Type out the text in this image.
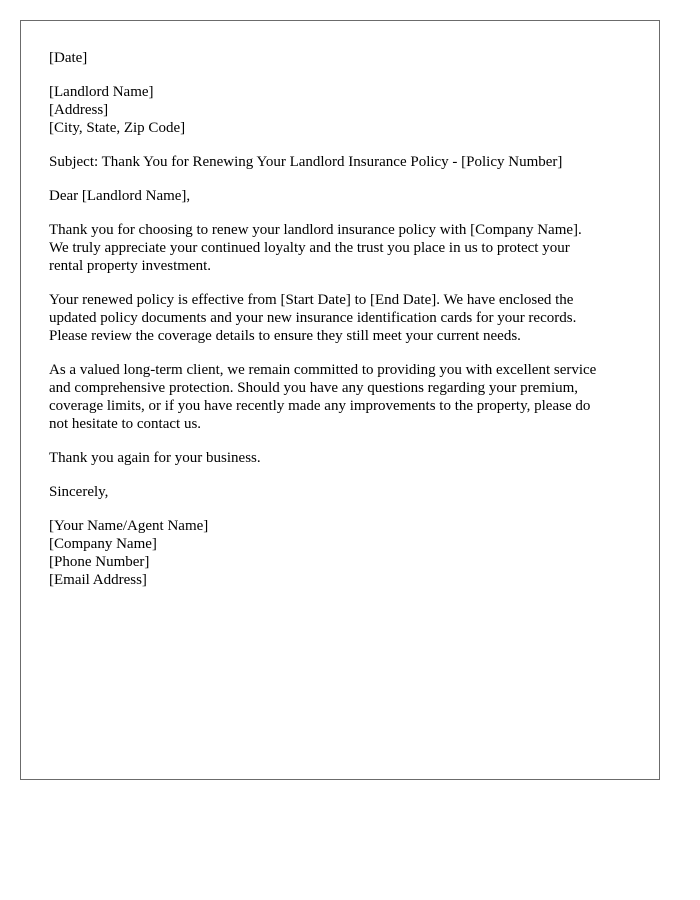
[Date]
[Landlord Name]
[Address]
[City, State, Zip Code]
Subject: Thank You for Renewing Your Landlord Insurance Policy - [Policy Number]
Dear [Landlord Name],
Thank you for choosing to renew your landlord insurance policy with [Company Name].
We truly appreciate your continued loyalty and the trust you place in us to protect your
rental property investment.
Your renewed policy is effective from [Start Date] to [End Date]. We have enclosed the
updated policy documents and your new insurance identification cards for your records.
Please review the coverage details to ensure they still meet your current needs.
As a valued long-term client, we remain committed to providing you with excellent service
and comprehensive protection. Should you have any questions regarding your premium,
coverage limits, or if you have recently made any improvements to the property, please do
not hesitate to contact us.
Thank you again for your business.
Sincerely,
[Your Name/Agent Name]
[Company Name]
[Phone Number]
[Email Address]
